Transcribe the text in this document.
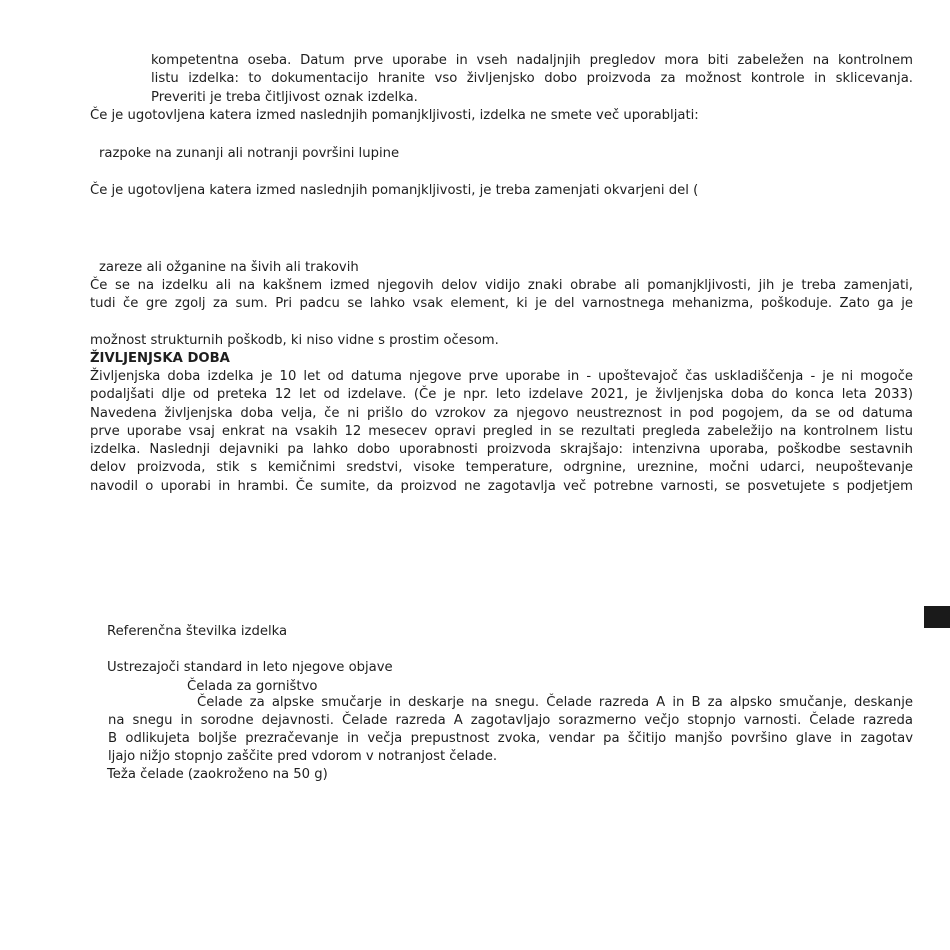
kompetentna oseba. Datum prve uporabe in vseh nadaljnjih pregledov mora biti zabeležen na kontrolnem
listu izdelka: to dokumentacijo hranite vso življenjsko dobo proizvoda za možnost kontrole in sklicevanja.
Preveriti je treba čitljivost oznak izdelka.
Če je ugotovljena katera izmed naslednjih pomanjkljivosti, izdelka ne smete več uporabljati:
razpoke na zunanji ali notranji površini lupine
Če je ugotovljena katera izmed naslednjih pomanjkljivosti, je treba zamenjati okvarjeni del (
zareze ali ožganine na šivih ali trakovih
Če se na izdelku ali na kakšnem izmed njegovih delov vidijo znaki obrabe ali pomanjkljivosti, jih je treba zamenjati,
tudi če gre zgolj za sum. Pri padcu se lahko vsak element, ki je del varnostnega mehanizma, poškoduje. Zato ga je
možnost strukturnih poškodb, ki niso vidne s prostim očesom.
ŽIVLJENJSKA DOBA
Življenjska doba izdelka je 10 let od datuma njegove prve uporabe in - upoštevajoč čas uskladiščenja - je ni mogoče
podaljšati dlje od preteka 12 let od izdelave. (Če je npr. leto izdelave 2021, je življenjska doba do konca leta 2033)
Navedena življenjska doba velja, če ni prišlo do vzrokov za njegovo neustreznost in pod pogojem, da se od datuma
prve uporabe vsaj enkrat na vsakih 12 mesecev opravi pregled in se rezultati pregleda zabeležijo na kontrolnem listu
izdelka. Naslednji dejavniki pa lahko dobo uporabnosti proizvoda skrajšajo: intenzivna uporaba, poškodbe sestavnih
delov proizvoda, stik s kemičnimi sredstvi, visoke temperature, odrgnine, ureznine, močni udarci, neupoštevanje
navodil o uporabi in hrambi. Če sumite, da proizvod ne zagotavlja več potrebne varnosti, se posvetujete s podjetjem
Referenčna številka izdelka
Ustrezajoči standard in leto njegove objave
Čelada za gorništvo
Čelade za alpske smučarje in deskarje na snegu. Čelade razreda A in B za alpsko smučanje, deskanje
na snegu in sorodne dejavnosti. Čelade razreda A zagotavljajo sorazmerno večjo stopnjo varnosti. Čelade razreda
B odlikujeta boljše prezračevanje in večja prepustnost zvoka, vendar pa ščitijo manjšo površino glave in zagotav
ljajo nižjo stopnjo zaščite pred vdorom v notranjost čelade.
Teža čelade (zaokroženo na 50 g)
